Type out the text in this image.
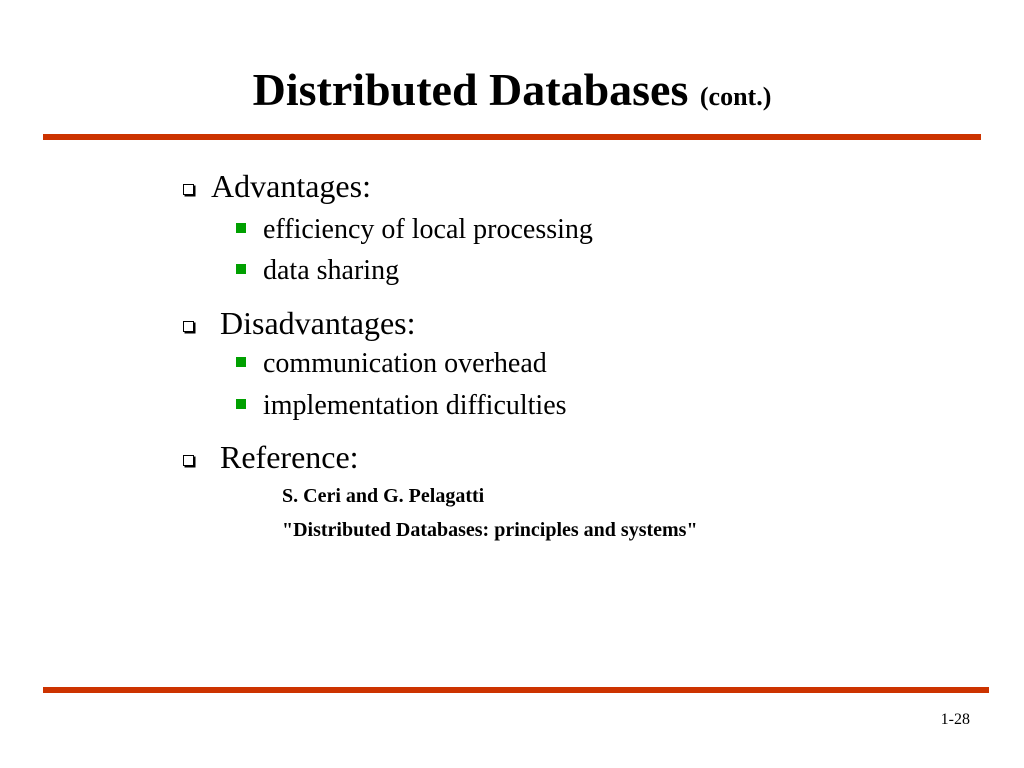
Distributed Databases (cont.)
Advantages:
efficiency of local processing
data sharing
Disadvantages:
communication overhead
implementation difficulties
Reference:
S. Ceri and G. Pelagatti
"Distributed Databases: principles and systems"
1-28
